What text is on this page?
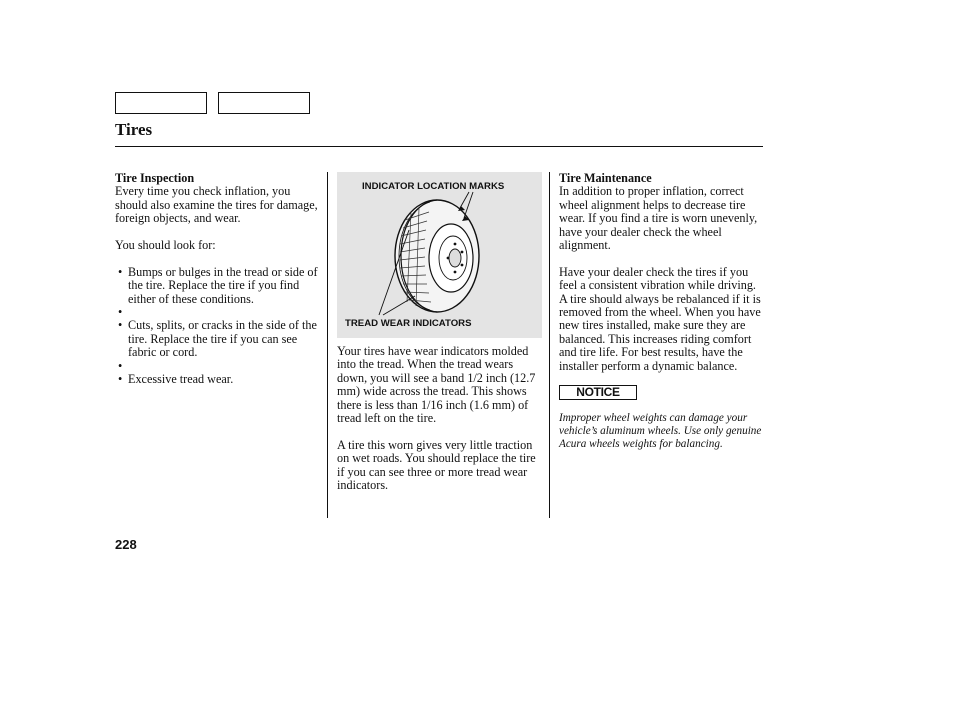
Tires
Tire Inspection

Every time you check inflation, you should also examine the tires for damage, foreign objects, and wear.

You should look for:

• Bumps or bulges in the tread or side of the tire. Replace the tire if you find either of these conditions.
•
• Cuts, splits, or cracks in the side of the tire. Replace the tire if you can see fabric or cord.
•
• Excessive tread wear.
INDICATOR LOCATION MARKS
TREAD WEAR INDICATORS

Your tires have wear indicators molded into the tread. When the tread wears down, you will see a band 1/2 inch (12.7 mm) wide across the tread. This shows there is less than 1/16 inch (1.6 mm) of tread left on the tire.

A tire this worn gives very little traction on wet roads. You should replace the tire if you can see three or more tread wear indicators.

Tire Maintenance

In addition to proper inflation, correct wheel alignment helps to decrease tire wear. If you find a tire is worn unevenly, have your dealer check the wheel alignment.

Have your dealer check the tires if you feel a consistent vibration while driving. A tire should always be rebalanced if it is removed from the wheel. When you have new tires installed, make sure they are balanced. This increases riding comfort and tire life. For best results, have the installer perform a dynamic balance.

NOTICE

Improper wheel weights can damage your vehicle’s aluminum wheels. Use only genuine Acura wheels weights for balancing.

228
